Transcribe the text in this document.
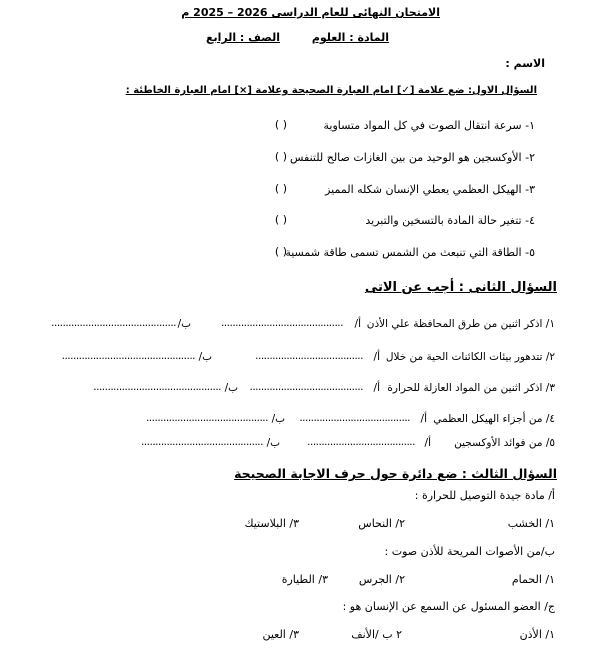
الامتحان النهائى للعام الدراسى 2026 – 2025 م
المادة : العلوم
الصف : الرابع
الاسم :
السؤال الاول: ضع علامة [✓] امام العبارة الصحيحة وعلامة [×] امام العبارة الخاطئة :
١- سرعة انتقال الصوت في كل المواد متساوية
( )
٢- الأوكسجين هو الوحيد من بين الغازات صالح للتنفس
( )
٣- الهيكل العظمي يعطي الإنسان شكله المميز
( )
٤- تتغير حالة المادة بالتسخين والتبريد
( )
٥- الطاقة التي تنبعث من الشمس تسمى طاقة شمسية
( )
السؤال الثانى : أجب عن الاتى
١/ اذكر اثنين من طرق المحافظة علي الأذن
أ/
...........................................
ب/
............................................
٢/ تتدهور بيئات الكائنات الحية من خلال
أ/
......................................
ب/
...............................................
٣/ اذكر اثنين من المواد العازلة للحرارة
أ/
........................................
ب/
.............................................
٤/ من أجزاء الهيكل العظمي
أ/
.......................................
ب/
...........................................
٥/ من فوائد الأوكسجين
أ/
......................................
ب/
...........................................
السؤال الثالث : ضع دائرة حول حرف الاجابة الصحيحة
أ/ مادة جيدة التوصيل للحرارة :
١/ الخشب
٢/ النحاس
٣/ البلاستيك
ب/من الأصوات المريحة للأذن صوت :
١/ الحمام
٢/ الجرس
٣/ الطيارة
ج/ العضو المسئول عن السمع عن الإنسان هو :
١/ الأذن
٢ ب /الأنف
٣/ العين
